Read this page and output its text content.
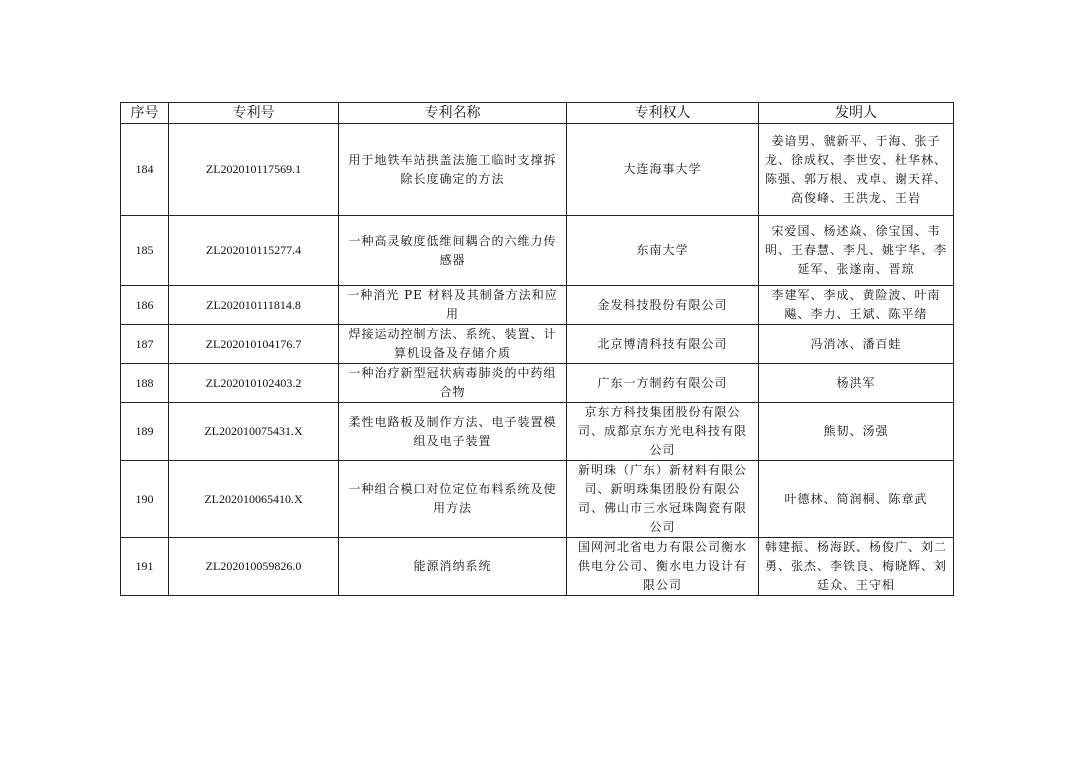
序号	专利号	专利名称	专利权人	发明人
184	ZL202010117569.1	用于地铁车站拱盖法施工临时支撑拆除长度确定的方法	大连海事大学	姜谙男、虢新平、于海、张子龙、徐成权、李世安、杜华林、陈强、郭万根、戎卓、谢天祥、高俊峰、王洪龙、王岩
185	ZL202010115277.4	一种高灵敏度低维间耦合的六维力传感器	东南大学	宋爱国、杨述焱、徐宝国、韦明、王春慧、李凡、姚宇华、李延军、张遂南、晋琼
186	ZL202010111814.8	一种消光 PE 材料及其制备方法和应用	金发科技股份有限公司	李建军、李成、黄险波、叶南飚、李力、王斌、陈平绪
187	ZL202010104176.7	焊接运动控制方法、系统、装置、计算机设备及存储介质	北京博清科技有限公司	冯消冰、潘百蛙
188	ZL202010102403.2	一种治疗新型冠状病毒肺炎的中药组合物	广东一方制药有限公司	杨洪军
189	ZL202010075431.X	柔性电路板及制作方法、电子装置模组及电子装置	京东方科技集团股份有限公司、成都京东方光电科技有限公司	熊韧、汤强
190	ZL202010065410.X	一种组合模口对位定位布料系统及使用方法	新明珠（广东）新材料有限公司、新明珠集团股份有限公司、佛山市三水冠珠陶瓷有限公司	叶德林、简润桐、陈章武
191	ZL202010059826.0	能源消纳系统	国网河北省电力有限公司衡水供电分公司、衡水电力设计有限公司	韩建振、杨海跃、杨俊广、刘二勇、张杰、李铁良、梅晓辉、刘廷众、王守相
